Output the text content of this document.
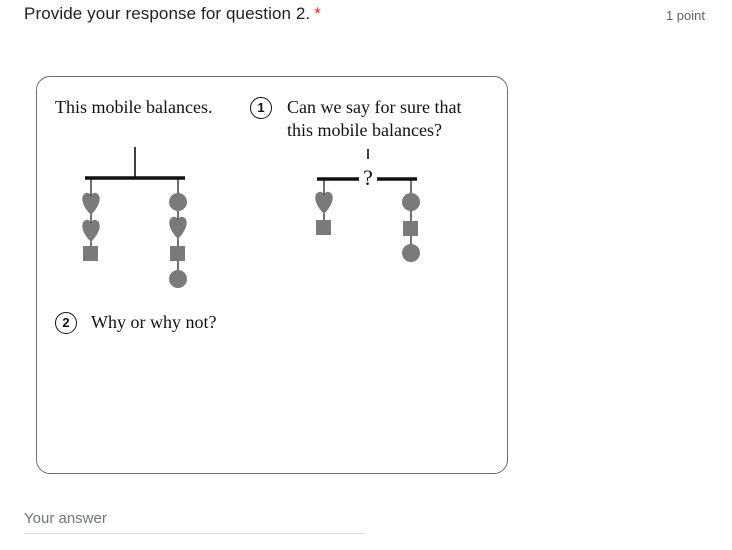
Provide your response for question 2. *	1 point
This mobile balances.	1	Can we say for sure that
this mobile balances?
2	Why or why not?
?
Your answer
